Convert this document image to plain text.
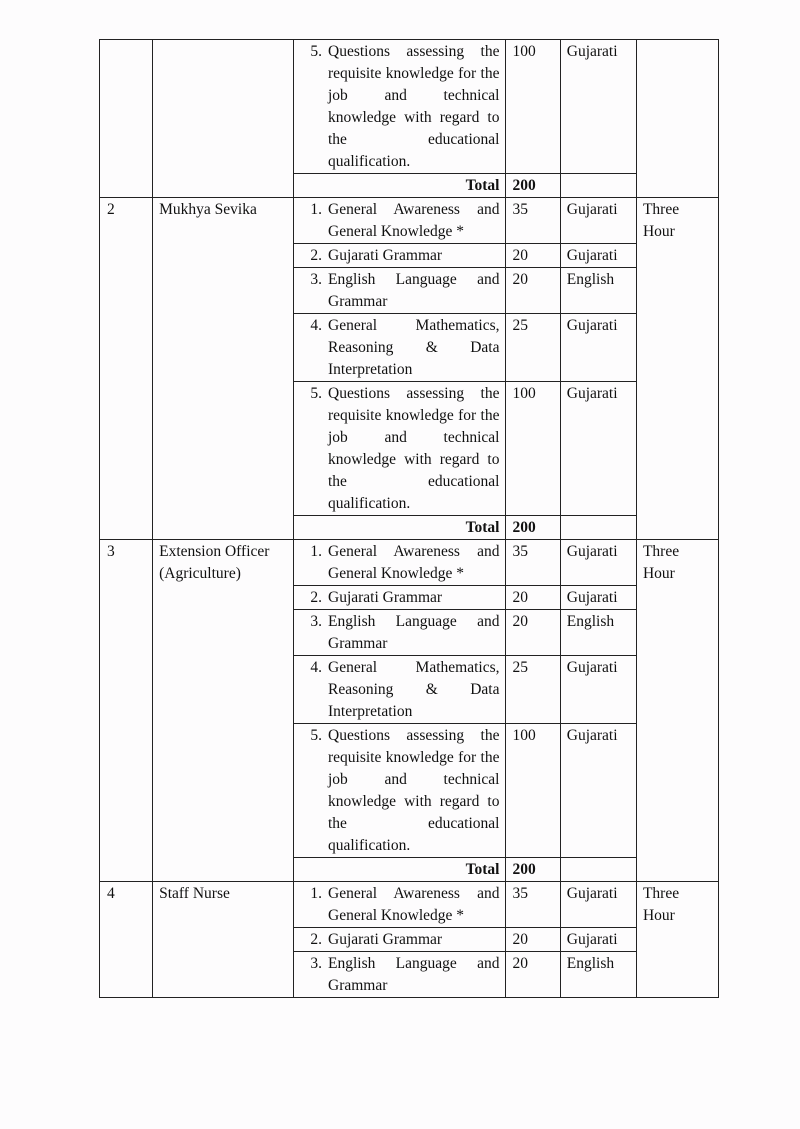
		5. Questions assessing the requisite knowledge for the job and technical knowledge with regard to the educational qualification.	100	Gujarati	
		Total	200		
2	Mukhya Sevika	1. General Awareness and General Knowledge *	35	Gujarati	Three Hour

		2. Gujarati Grammar	20	Gujarati	

		3. English Language and Grammar	20	English	

		4. General Mathematics, Reasoning & Data Interpretation	25	Gujarati	

		5. Questions assessing the requisite knowledge for the job and technical knowledge with regard to the educational qualification.	100	Gujarati	
		Total	200		
3	Extension Officer (Agriculture)	1. General Awareness and General Knowledge *	35	Gujarati	Three Hour

		2. Gujarati Grammar	20	Gujarati	

		3. English Language and Grammar	20	English	

		4. General Mathematics, Reasoning & Data Interpretation	25	Gujarati	

		5. Questions assessing the requisite knowledge for the job and technical knowledge with regard to the educational qualification.	100	Gujarati	
		Total	200		
4	Staff Nurse	1. General Awareness and General Knowledge *	35	Gujarati	Three Hour

		2. Gujarati Grammar	20	Gujarati	

		3. English Language and Grammar	20	English	
